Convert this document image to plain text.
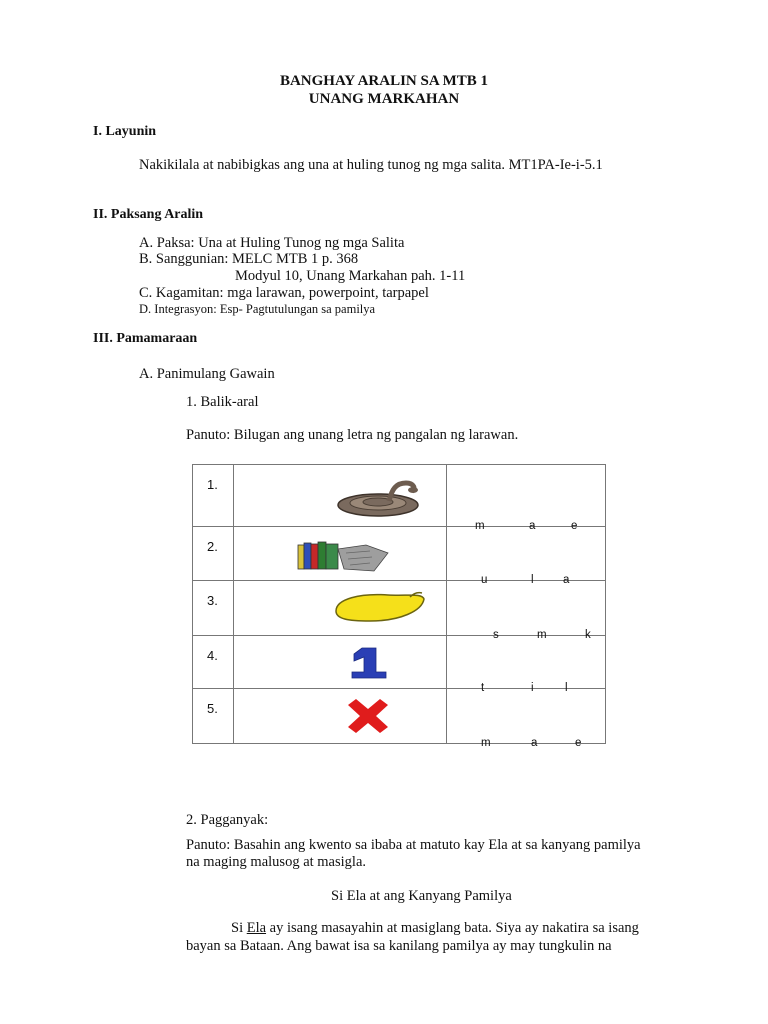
BANGHAY ARALIN SA MTB 1
UNANG MARKAHAN
I. Layunin
Nakikilala at nabibigkas ang una at huling tunog ng mga salita. MT1PA-Ie-i-5.1
II. Paksang Aralin
A. Paksa: Una at Huling Tunog ng mga Salita
B. Sanggunian: MELC MTB 1 p. 368
Modyul 10, Unang Markahan pah. 1-11
C. Kagamitan: mga larawan, powerpoint, tarpapel
D. Integrasyon: Esp- Pagtutulungan sa pamilya
III. Pamamaraan
A. Panimulang Gawain
1. Balik-aral
Panuto: Bilugan ang unang letra ng pangalan ng larawan.
1.		m a e

2.		u l a

3.		s m k

4.		t i l

5.		m a e
2. Pagganyak:
Panuto: Basahin ang kwento sa ibaba at matuto kay Ela at sa kanyang pamilya
na maging malusog at masigla.
Si Ela at ang Kanyang Pamilya
Si Ela ay isang masayahin at masiglang bata. Siya ay nakatira sa isang
bayan sa Bataan. Ang bawat isa sa kanilang pamilya ay may tungkulin na
